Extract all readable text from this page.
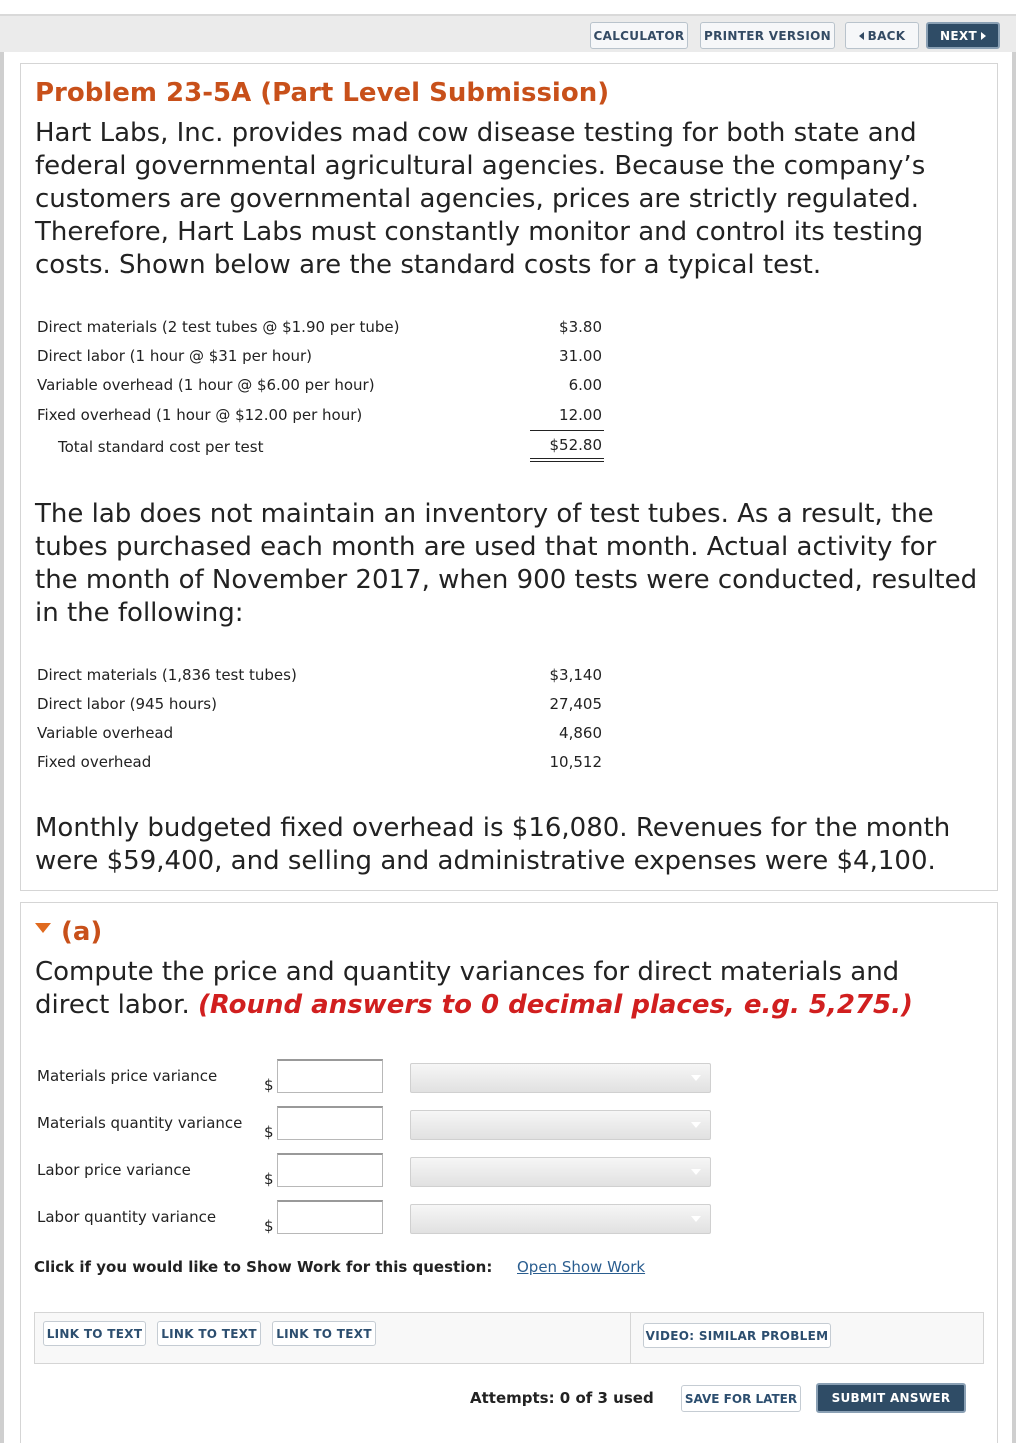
CALCULATOR	PRINTER VERSION	BACK	NEXT
Problem 23-5A (Part Level Submission)
Hart Labs, Inc. provides mad cow disease testing for both state and federal governmental agricultural agencies. Because the company’s customers are governmental agencies, prices are strictly regulated. Therefore, Hart Labs must constantly monitor and control its testing costs. Shown below are the standard costs for a typical test.
Direct materials (2 test tubes @ $1.90 per tube)	$3.80
Direct labor (1 hour @ $31 per hour)	31.00
Variable overhead (1 hour @ $6.00 per hour)	6.00
Fixed overhead (1 hour @ $12.00 per hour)	12.00
Total standard cost per test	$52.80
The lab does not maintain an inventory of test tubes. As a result, the tubes purchased each month are used that month. Actual activity for the month of November 2017, when 900 tests were conducted, resulted in the following:
Direct materials (1,836 test tubes)	$3,140
Direct labor (945 hours)	27,405
Variable overhead	4,860
Fixed overhead	10,512
Monthly budgeted fixed overhead is $16,080. Revenues for the month were $59,400, and selling and administrative expenses were $4,100.
(a)
Compute the price and quantity variances for direct materials and direct labor. (Round answers to 0 decimal places, e.g. 5,275.)
Materials price variance	$
Materials quantity variance $
Labor price variance	$
Labor quantity variance	$
Click if you would like to Show Work for this question: Open Show Work
LINK TO TEXT	LINK TO TEXT	LINK TO TEXT	VIDEO: SIMILAR PROBLEM
Attempts: 0 of 3 used	SAVE FOR LATER	SUBMIT ANSWER
